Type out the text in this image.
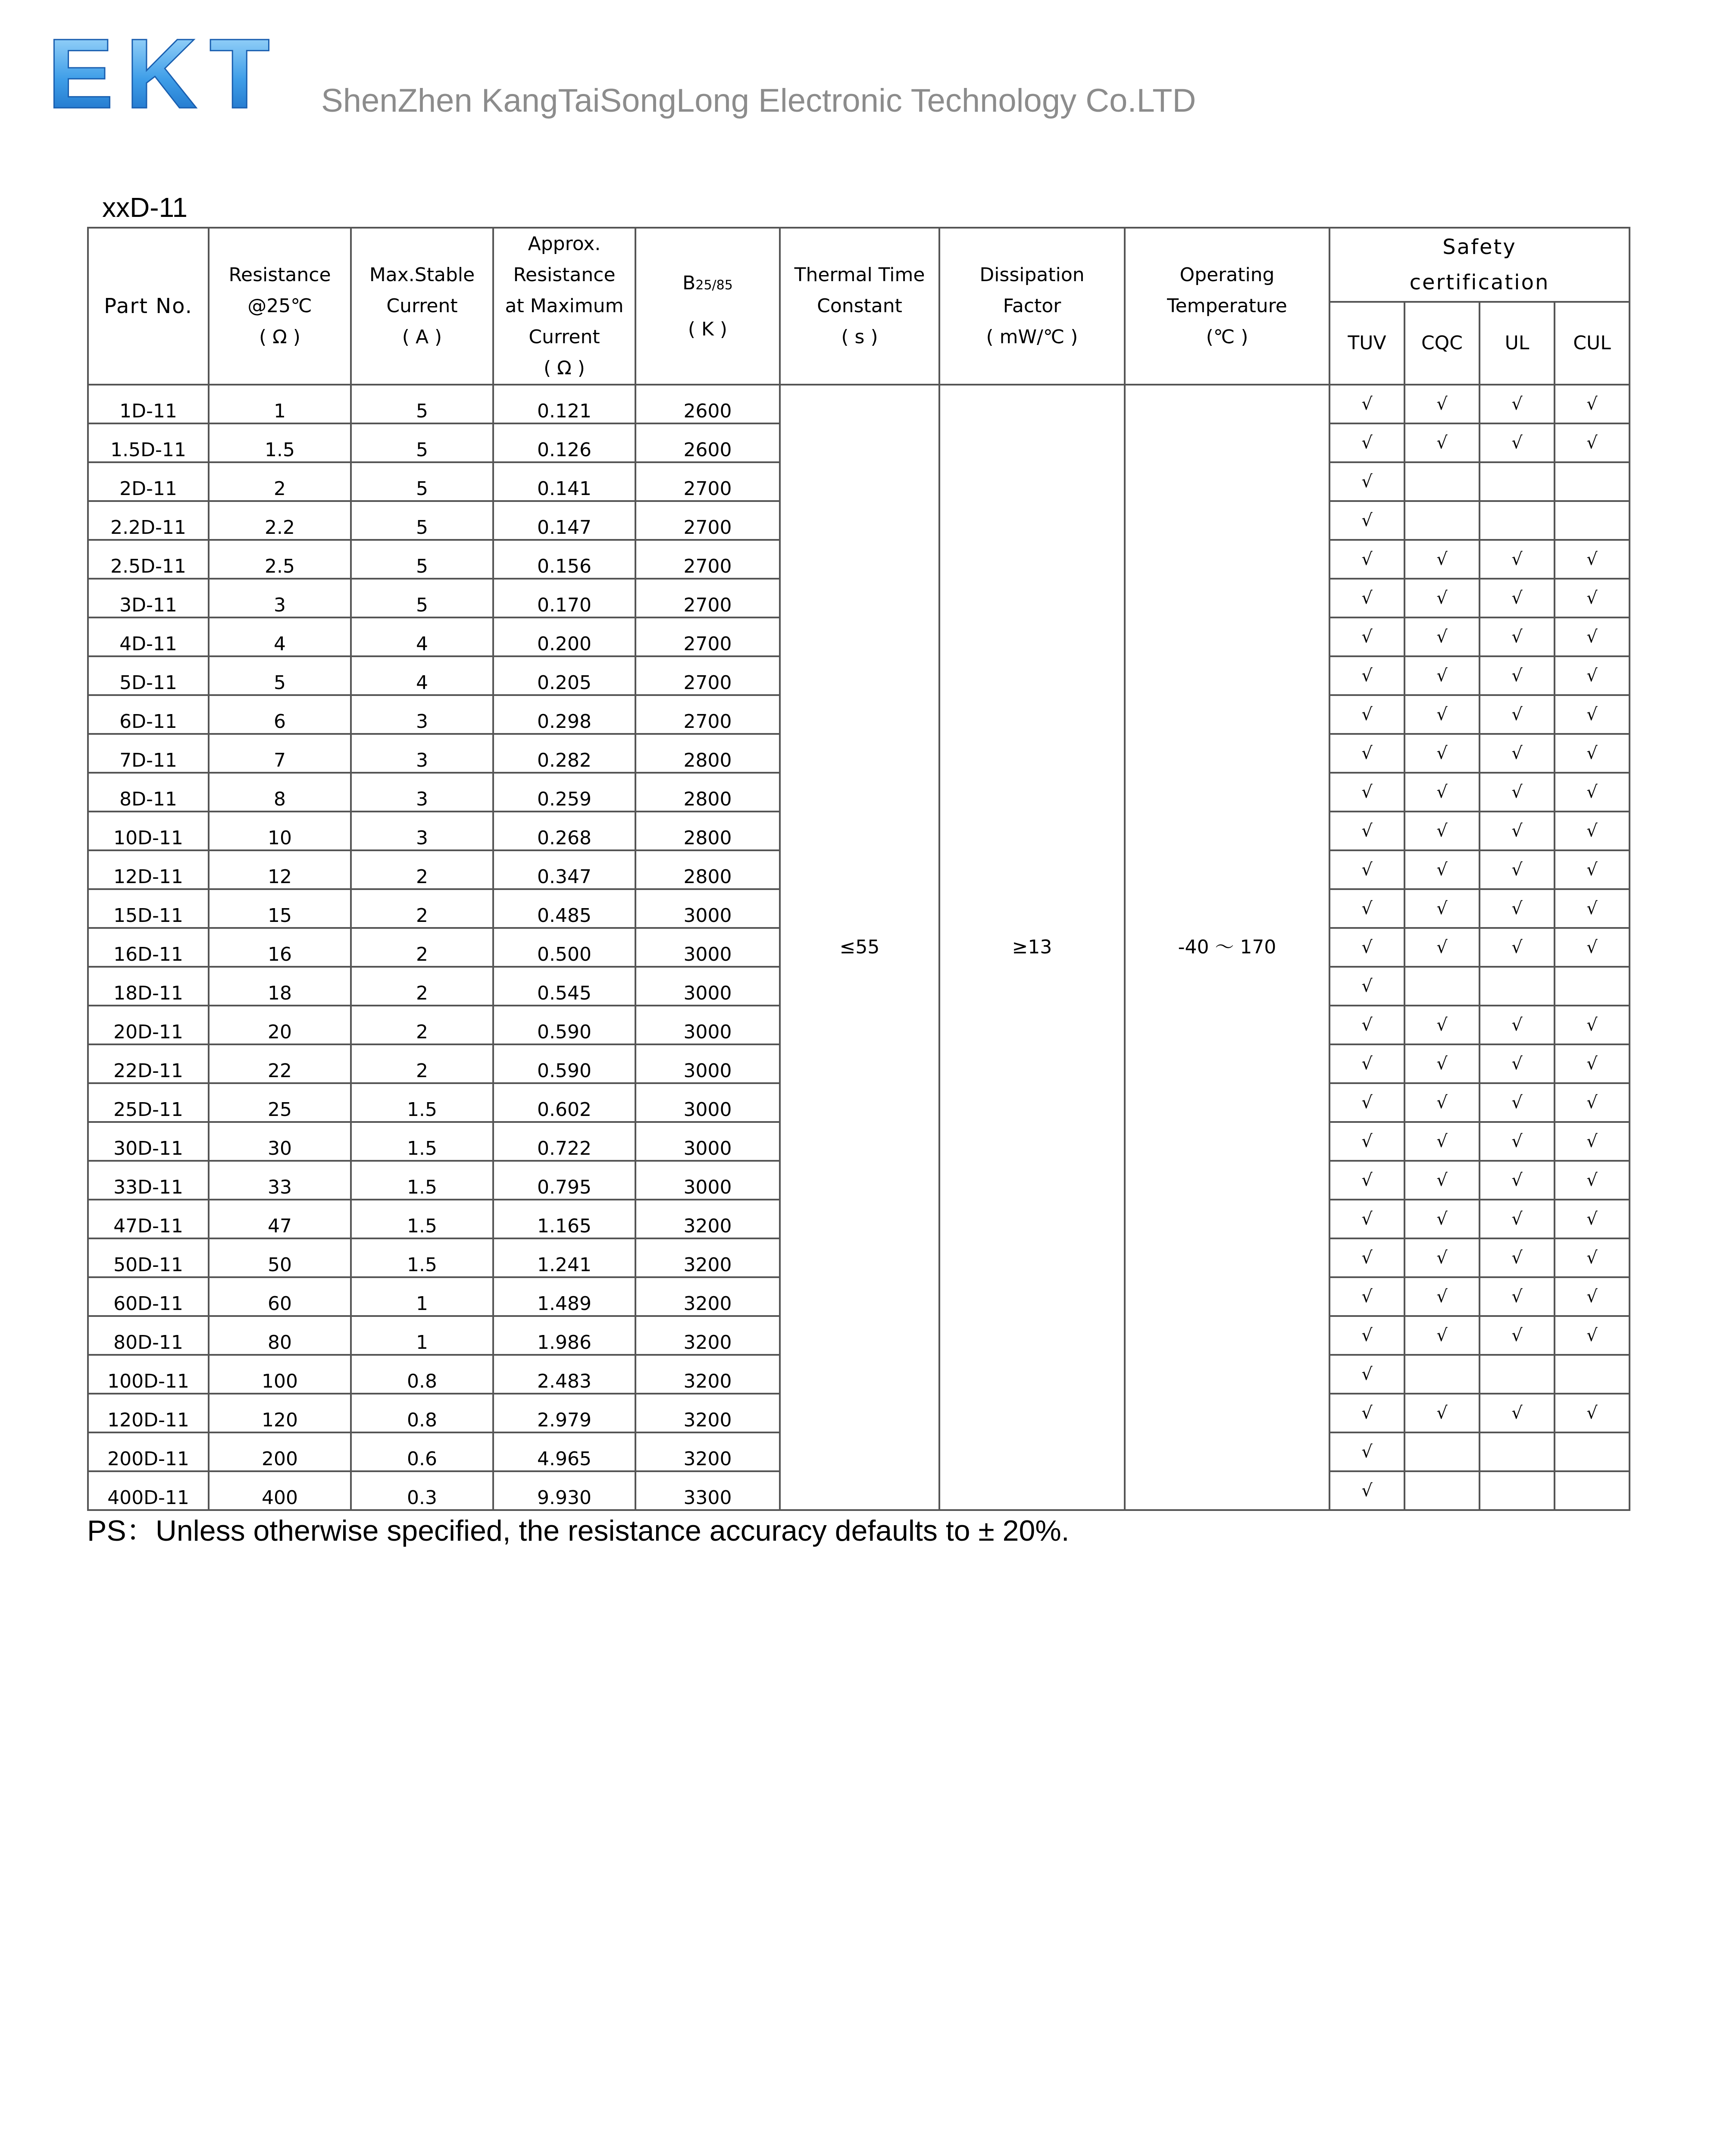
EKT ShenZhen KangTaiSongLong Electronic Technology Co.LTD
xxD-11
Part No.	Resistance
@25℃
( Ω )	Max.Stable
Current
( A )	Approx.
Resistance
at Maximum
Current
( Ω )	B25/85
( K )	Thermal Time
Constant
( s )	Dissipation
Factor
( mW/℃ )	Operating
Temperature
(℃ )	Safety
certification			

								TUV	CQC	UL	CUL
1D-11	1	5	0.121	2600	≤55	≥13	-40 ～ 170	√	√	√	√
1.5D-11	1.5	5	0.126	2600				√	√	√	√
2D-11	2	5	0.141	2700				√			
2.2D-11	2.2	5	0.147	2700				√			
2.5D-11	2.5	5	0.156	2700				√	√	√	√
3D-11	3	5	0.170	2700				√	√	√	√
4D-11	4	4	0.200	2700				√	√	√	√
5D-11	5	4	0.205	2700				√	√	√	√
6D-11	6	3	0.298	2700				√	√	√	√
7D-11	7	3	0.282	2800				√	√	√	√
8D-11	8	3	0.259	2800				√	√	√	√
10D-11	10	3	0.268	2800				√	√	√	√
12D-11	12	2	0.347	2800				√	√	√	√
15D-11	15	2	0.485	3000				√	√	√	√
16D-11	16	2	0.500	3000				√	√	√	√
18D-11	18	2	0.545	3000				√			
20D-11	20	2	0.590	3000				√	√	√	√
22D-11	22	2	0.590	3000				√	√	√	√
25D-11	25	1.5	0.602	3000				√	√	√	√
30D-11	30	1.5	0.722	3000				√	√	√	√
33D-11	33	1.5	0.795	3000				√	√	√	√
47D-11	47	1.5	1.165	3200				√	√	√	√
50D-11	50	1.5	1.241	3200				√	√	√	√
60D-11	60	1	1.489	3200				√	√	√	√
80D-11	80	1	1.986	3200				√	√	√	√
100D-11	100	0.8	2.483	3200				√			
120D-11	120	0.8	2.979	3200				√	√	√	√
200D-11	200	0.6	4.965	3200				√			
400D-11	400	0.3	9.930	3300				√			
PS：Unless otherwise specified, the resistance accuracy defaults to ± 20%.
